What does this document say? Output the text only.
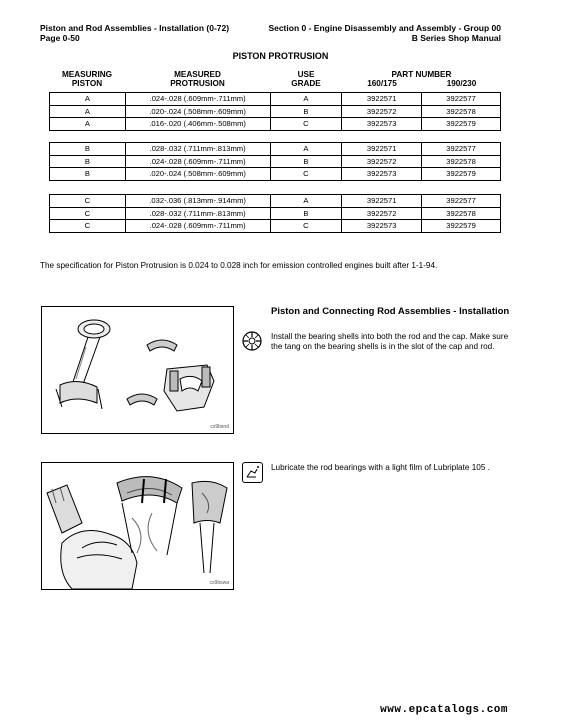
Piston and Rod Assemblies - Installation (0-72)
Page 0-50
Section 0 - Engine Disassembly and Assembly - Group 00
B Series Shop Manual
PISTON PROTRUSION
MEASURING
PISTON
MEASURED
PROTRUSION
USE
GRADE
PART NUMBER
160/175	190/230
A	.024-.028 (.609mm-.711mm)	A	3922571	3922577
A	.020-.024 (.508mm-.609mm)	B	3922572	3922578
A	.016-.020 (.406mm-.508mm)	C	3922573	3922579
B	.028-.032 (.711mm-.813mm)	A	3922571	3922577
B	.024-.028 (.609mm-.711mm)	B	3922572	3922578
B	.020-.024 (.508mm-.609mm)	C	3922573	3922579
C	.032-.036 (.813mm-.914mm)	A	3922571	3922577
C	.028-.032 (.711mm-.813mm)	B	3922572	3922578
C	.024-.028 (.609mm-.711mm)	C	3922573	3922579
The specification for Piston Protrusion is 0.024 to 0.028 inch for emission controlled engines built after 1-1-94.
cx9bsnd
Piston and Connecting Rod Assemblies - Installation
Install the bearing shells into both the rod and the cap. Make sure the tang on the bearing shells is in the slot of the cap and rod.
cx9bswa
Lubricate the rod bearings with a light film of Lubriplate 105 .
www.epcatalogs.com
